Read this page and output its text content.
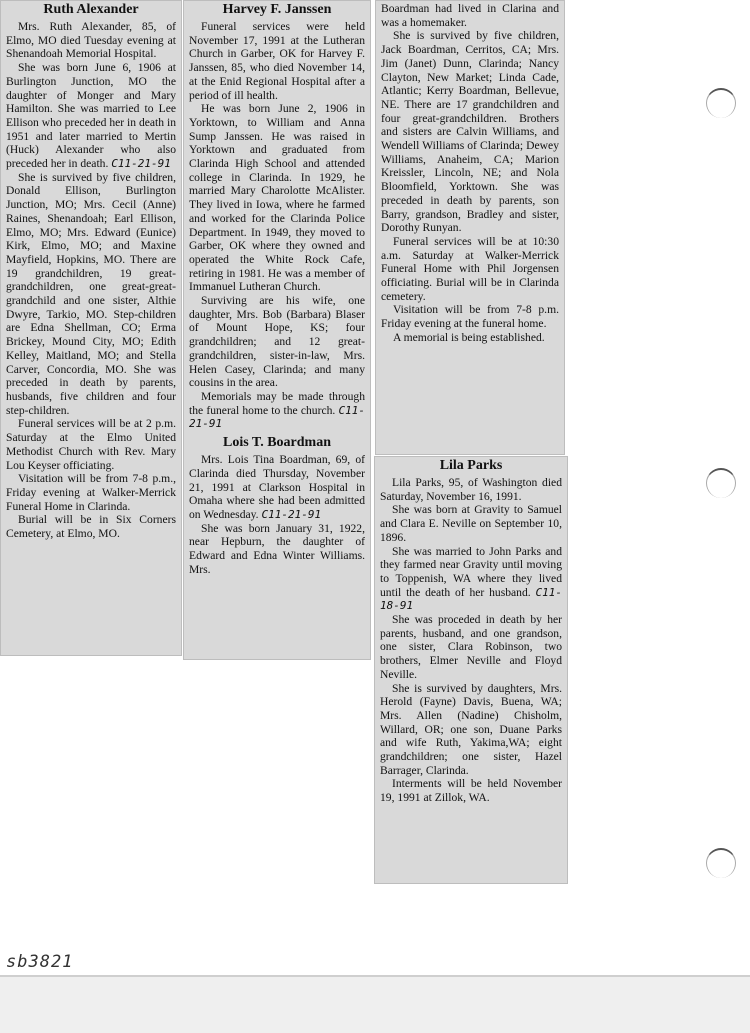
Ruth Alexander

Mrs. Ruth Alexander, 85, of Elmo, MO died Tuesday evening at Shenandoah Memorial Hospital.

She was born June 6, 1906 at Burlington Junction, MO the daughter of Monger and Mary Hamilton. She was married to Lee Ellison who preceded her in death in 1951 and later married to Mertin (Huck) Alexander who also preceded her in death. C11-21-91

She is survived by five children, Donald Ellison, Burlington Junction, MO; Mrs. Cecil (Anne) Raines, Shenandoah; Earl Ellison, Elmo, MO; Mrs. Edward (Eunice) Kirk, Elmo, MO; and Maxine Mayfield, Hopkins, MO. There are 19 grandchildren, 19 great-grandchildren, one great-great-grandchild and one sister, Althie Dwyre, Tarkio, MO. Step-children are Edna Shellman, CO; Erma Brickey, Mound City, MO; Edith Kelley, Maitland, MO; and Stella Carver, Concordia, MO. She was preceded in death by parents, husbands, five children and four step-children.

Funeral services will be at 2 p.m. Saturday at the Elmo United Methodist Church with Rev. Mary Lou Keyser officiating.

Visitation will be from 7-8 p.m., Friday evening at Walker-Merrick Funeral Home in Clarinda.

Burial will be in Six Corners Cemetery, at Elmo, MO.

Harvey F. Janssen

Funeral services were held November 17, 1991 at the Lutheran Church in Garber, OK for Harvey F. Janssen, 85, who died November 14, at the Enid Regional Hospital after a period of ill health.

He was born June 2, 1906 in Yorktown, to William and Anna Sump Janssen. He was raised in Yorktown and graduated from Clarinda High School and attended college in Clarinda. In 1929, he married Mary Charolotte McAlister. They lived in Iowa, where he farmed and worked for the Clarinda Police Department. In 1949, they moved to Garber, OK where they owned and operated the White Rock Cafe, retiring in 1981. He was a member of Immanuel Lutheran Church.

Surviving are his wife, one daughter, Mrs. Bob (Barbara) Blaser of Mount Hope, KS; four grandchildren; and 12 great-grandchildren, sister-in-law, Mrs. Helen Casey, Clarinda; and many cousins in the area.

Memorials may be made through the funeral home to the church. C11-21-91

Lois T. Boardman

Mrs. Lois Tina Boardman, 69, of Clarinda died Thursday, November 21, 1991 at Clarkson Hospital in Omaha where she had been admitted on Wednesday. C11-21-91

She was born January 31, 1922, near Hepburn, the daughter of Edward and Edna Winter Williams. Mrs.

Boardman had lived in Clarina and was a homemaker.

She is survived by five children, Jack Boardman, Cerritos, CA; Mrs. Jim (Janet) Dunn, Clarinda; Nancy Clayton, New Market; Linda Cade, Atlantic; Kerry Boardman, Bellevue, NE. There are 17 grandchildren and four great-grandchildren. Brothers and sisters are Calvin Williams, and Wendell Williams of Clarinda; Dewey Williams, Anaheim, CA; Marion Kreissler, Lincoln, NE; and Nola Bloomfield, Yorktown. She was preceded in death by parents, son Barry, grandson, Bradley and sister, Dorothy Runyan.

Funeral services will be at 10:30 a.m. Saturday at Walker-Merrick Funeral Home with Phil Jorgensen officiating. Burial will be in Clarinda cemetery.

Visitation will be from 7-8 p.m. Friday evening at the funeral home.

A memorial is being established.

Lila Parks

Lila Parks, 95, of Washington died Saturday, November 16, 1991.

She was born at Gravity to Samuel and Clara E. Neville on September 10, 1896.

She was married to John Parks and they farmed near Gravity until moving to Toppenish, WA where they lived until the death of her husband. C11-18-91

She was proceded in death by her parents, husband, and one grandson, one sister, Clara Robinson, two brothers, Elmer Neville and Floyd Neville.

She is survived by daughters, Mrs. Herold (Fayne) Davis, Buena, WA; Mrs. Allen (Nadine) Chisholm, Willard, OR; one son, Duane Parks and wife Ruth, Yakima,WA; eight grandchildren; one sister, Hazel Barrager, Clarinda.

Interments will be held November 19, 1991 at Zillok, WA.

sb3821
